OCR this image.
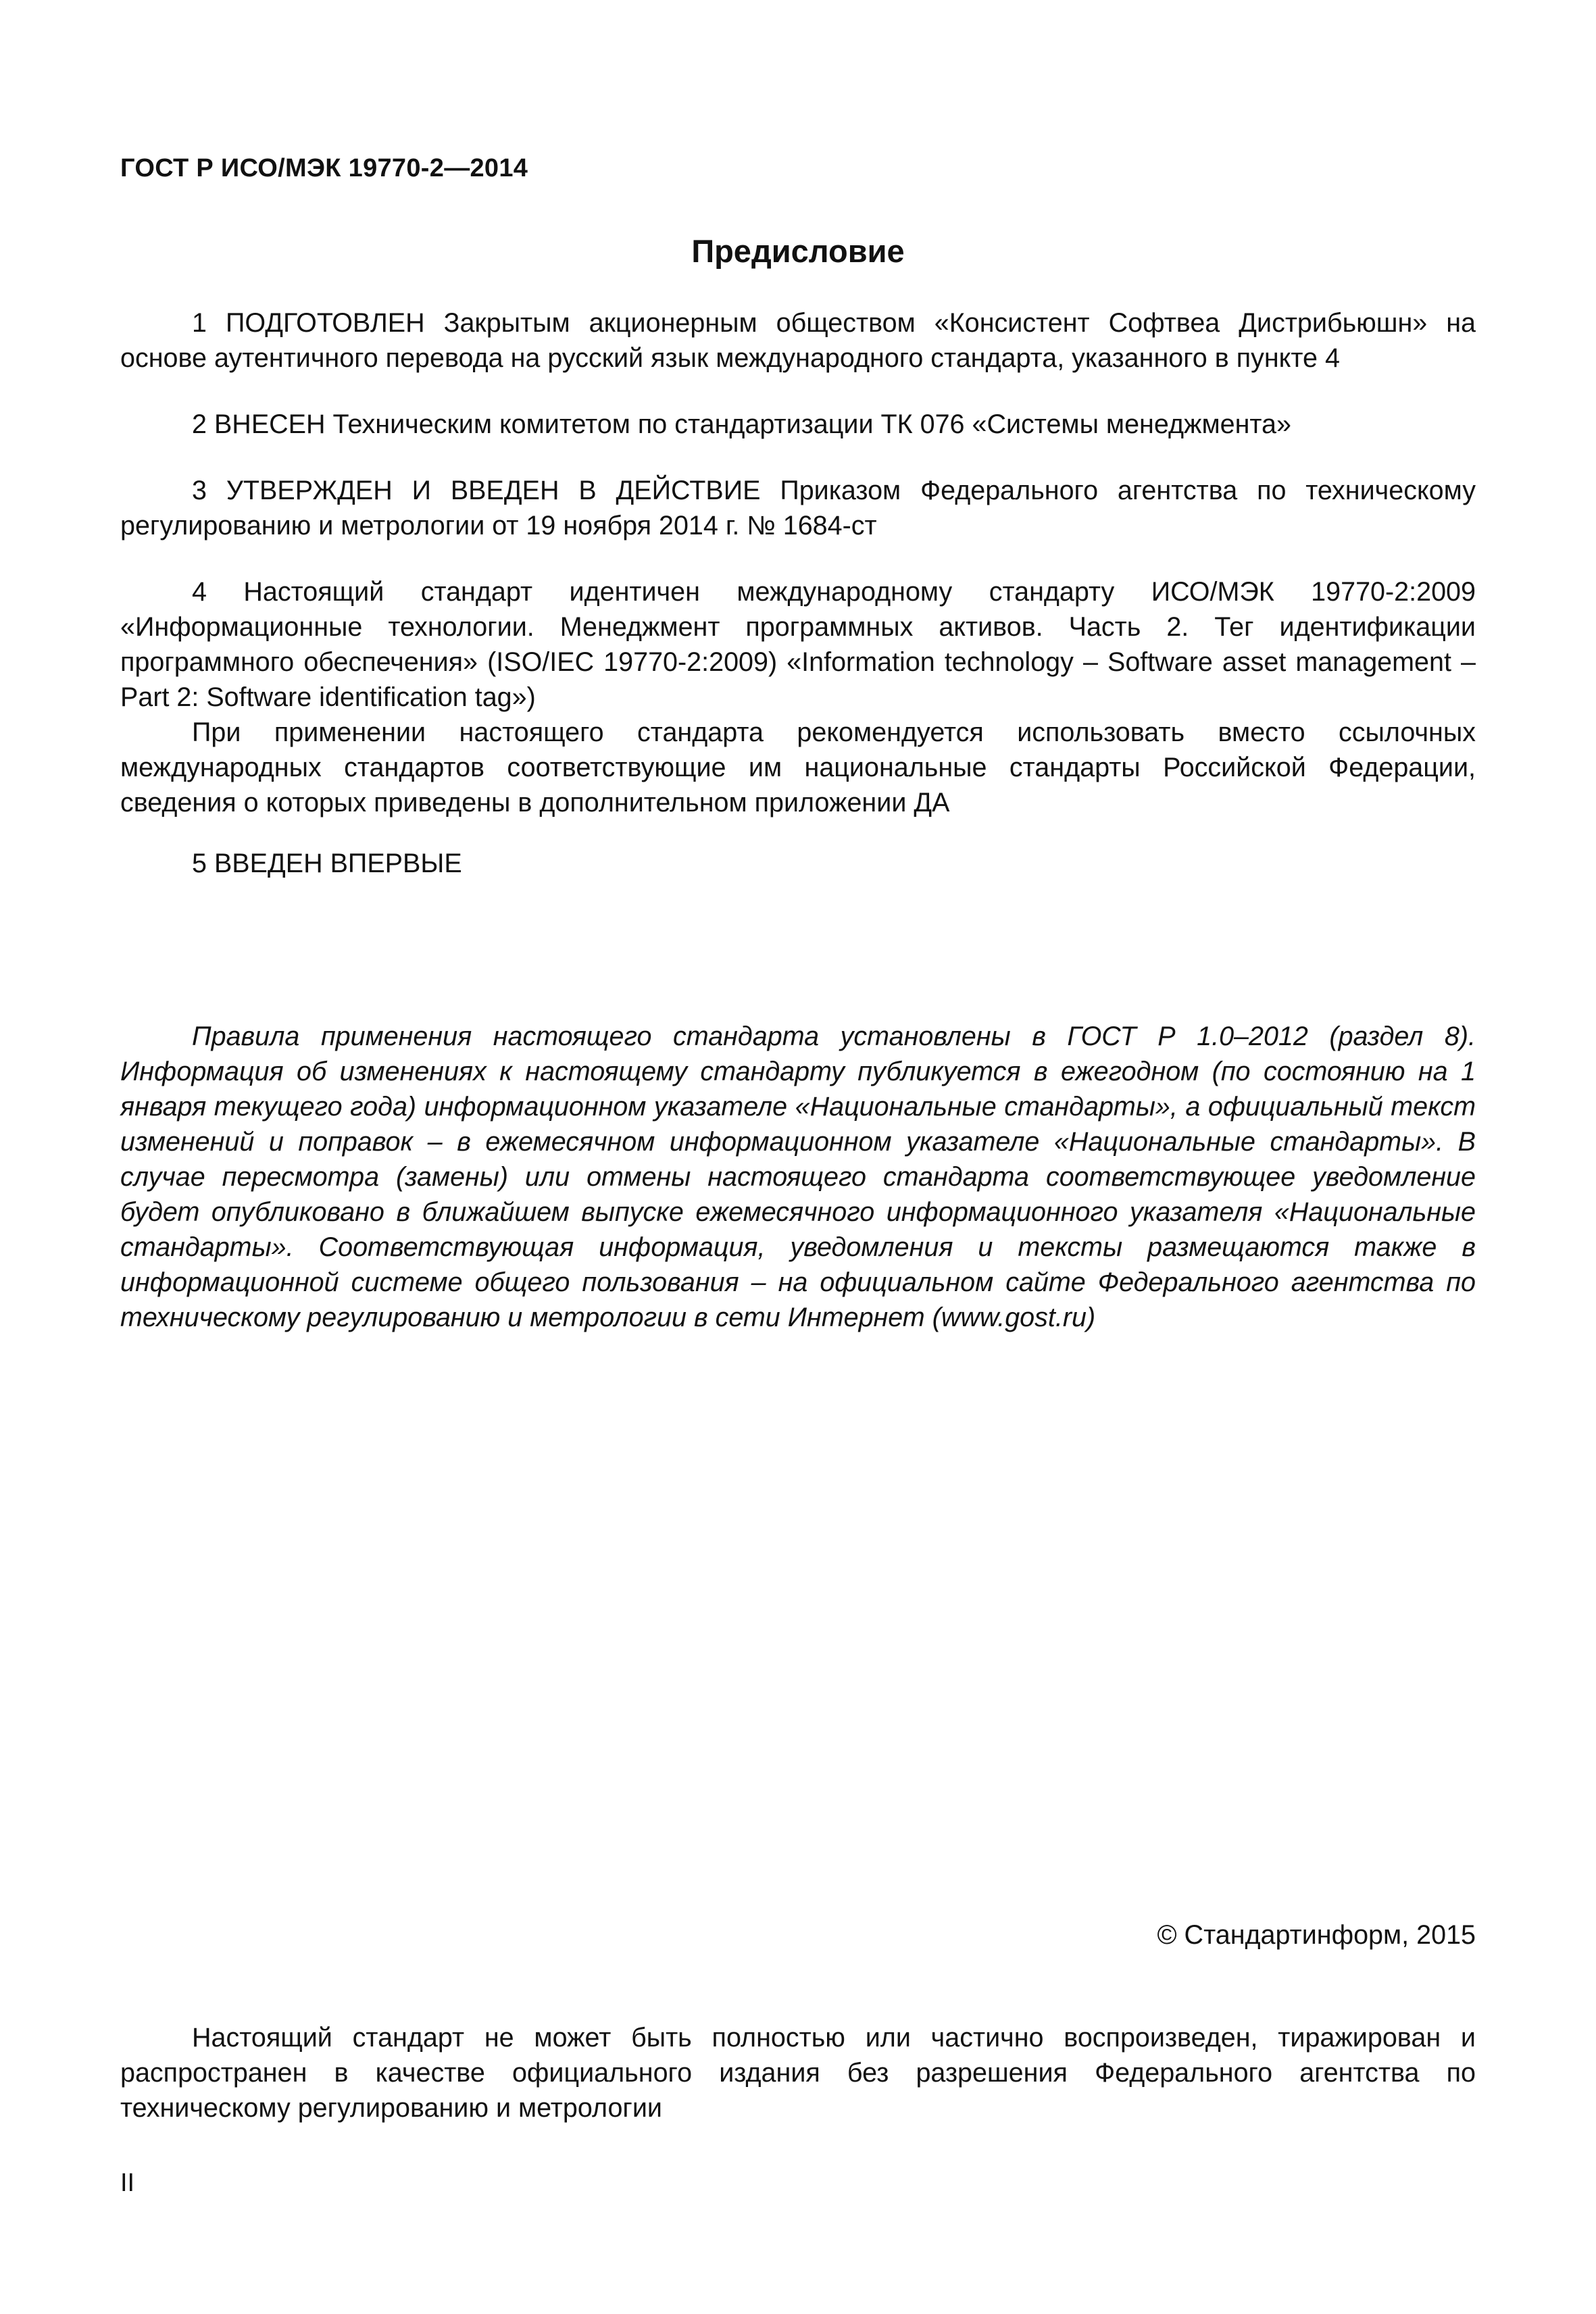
ГОСТ Р ИСО/МЭК 19770-2—2014
Предисловие

1 ПОДГОТОВЛЕН Закрытым акционерным обществом «Консистент Софтвеа Дистрибьюшн» на основе аутентичного перевода на русский язык международного стандарта, указанного в пункте 4

2 ВНЕСЕН Техническим комитетом по стандартизации ТК 076 «Системы менеджмента»

3 УТВЕРЖДЕН И ВВЕДЕН В ДЕЙСТВИЕ Приказом Федерального агентства по техническому регулированию и метрологии от 19 ноября 2014 г. № 1684-ст

4 Настоящий стандарт идентичен международному стандарту ИСО/МЭК 19770-2:2009 «Информационные технологии. Менеджмент программных активов. Часть 2. Тег идентификации программного обеспечения» (ISO/IEC 19770-2:2009) «Information technology – Software asset management – Part 2: Software identification tag»)

При применении настоящего стандарта рекомендуется использовать вместо ссылочных международных стандартов соответствующие им национальные стандарты Российской Федерации, сведения о которых приведены в дополнительном приложении ДА

5 ВВЕДЕН ВПЕРВЫЕ

Правила применения настоящего стандарта установлены в ГОСТ Р 1.0–2012 (раздел 8). Информация об изменениях к настоящему стандарту публикуется в ежегодном (по состоянию на 1 января текущего года) информационном указателе «Национальные стандарты», а официальный текст изменений и поправок – в ежемесячном информационном указателе «Национальные стандарты». В случае пересмотра (замены) или отмены настоящего стандарта соответствующее уведомление будет опубликовано в ближайшем выпуске ежемесячного информационного указателя «Национальные стандарты». Соответствующая информация, уведомления и тексты размещаются также в информационной системе общего пользования – на официальном сайте Федерального агентства по техническому регулированию и метрологии в сети Интернет (www.gost.ru)

© Стандартинформ, 2015

Настоящий стандарт не может быть полностью или частично воспроизведен, тиражирован и распространен в качестве официального издания без разрешения Федерального агентства по техническому регулированию и метрологии

II
